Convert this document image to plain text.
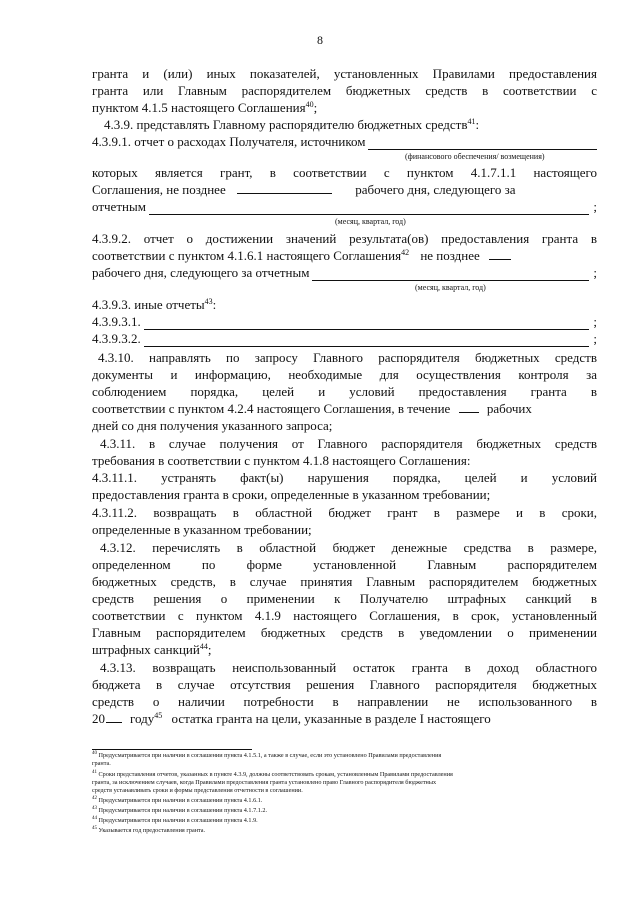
8
гранта и (или) иных показателей, установленных Правилами предоставления
гранта или Главным распорядителем бюджетных средств в соответствии с
пунктом 4.1.5 настоящего Соглашения$^{40}$;
4.3.9. представлять Главному распорядителю бюджетных средств$^{41}$:
4.3.9.1. отчет о расходах Получателя, источником
(финансового обеспечения/ возмещения)
которых является грант, в соответствии с пунктом 4.1.7.1.1 настоящего
Соглашения, не позднее	рабочего дня, следующего за
отчетным	;
(месяц, квартал, год)
4.3.9.2. отчет о достижении значений результата(ов) предоставления гранта в
соответствии с пунктом 4.1.6.1 настоящего Соглашения$^{42}$ не позднее
рабочего дня, следующего за отчетным	;
(месяц, квартал, год)
4.3.9.3. иные отчеты$^{43}$:
4.3.9.3.1.	;
4.3.9.3.2.	;
4.3.10. направлять по запросу Главного распорядителя бюджетных средств
документы и информацию, необходимые для осуществления контроля за
соблюдением порядка, целей и условий предоставления гранта в
соответствии с пунктом 4.2.4 настоящего Соглашения, в течение	рабочих
дней со дня получения указанного запроса;
4.3.11. в случае получения от Главного распорядителя бюджетных средств
требования в соответствии с пунктом 4.1.8 настоящего Соглашения:
4.3.11.1. устранять факт(ы) нарушения порядка, целей и условий
предоставления гранта в сроки, определенные в указанном требовании;
4.3.11.2. возвращать в областной бюджет грант в размере и в сроки,
определенные в указанном требовании;
4.3.12. перечислять в областной бюджет денежные средства в размере,
определенном по форме установленной Главным распорядителем
бюджетных средств, в случае принятия Главным распорядителем бюджетных
средств решения о применении к Получателю штрафных санкций в
соответствии с пунктом 4.1.9 настоящего Соглашения, в срок, установленный
Главным распорядителем бюджетных средств в уведомлении о применении
штрафных санкций$^{44}$;
4.3.13. возвращать неиспользованный остаток гранта в доход областного
бюджета в случае отсутствия решения Главного распорядителя бюджетных
средств о наличии потребности в направлении не использованного в
20 году$^{45}$ остатка гранта на цели, указанные в разделе I настоящего
$^{40}$ Предусматривается при наличии в соглашении пункта 4.1.5.1, а также в случае, если это установлено Правилами предоставления
гранта.
$^{41}$ Сроки представления отчетов, указанных в пункте 4.3.9, должны соответствовать срокам, установленным Правилами предоставления
гранта, за исключением случаев, когда Правилами предоставления гранта установлено право Главного распорядителя бюджетных
средств устанавливать сроки и формы представления отчетности в соглашении.
$^{42}$ Предусматривается при наличии в соглашении пункта 4.1.6.1.
$^{43}$ Предусматривается при наличии в соглашении пункта 4.1.7.1.2.
$^{44}$ Предусматривается при наличии в соглашении пункта 4.1.9.
$^{45}$ Указывается год предоставления гранта.
